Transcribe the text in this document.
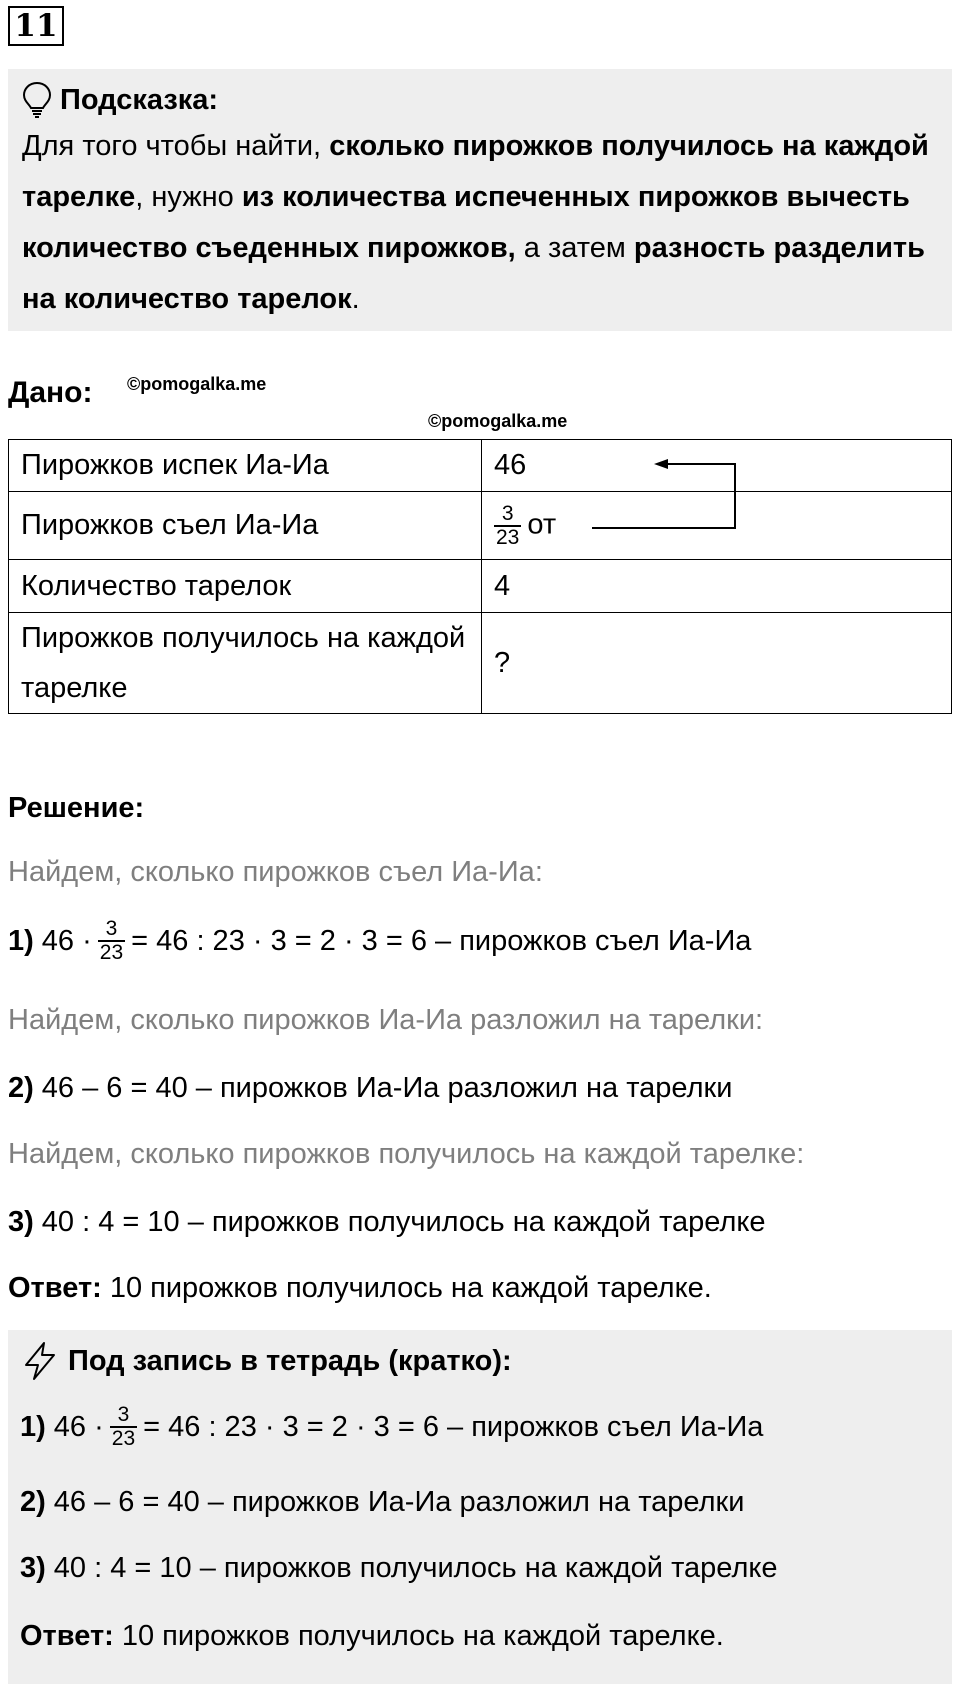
11
Подсказка:
Для того чтобы найти, сколько пирожков получилось на каждой тарелке, нужно из количества испеченных пирожков вычесть количество съеденных пирожков, а затем разность разделить на количество тарелок.
Дано: ©pomogalka.me
©pomogalka.me
Пирожков испек Иа-Иа	46
Пирожков съел Иа-Иа	$\frac{3}{23}$ от
Количество тарелок	4
Пирожков получилось на каждой тарелке	?
Решение:
Найдем, сколько пирожков съел Иа-Иа:
1) $46 \cdot \frac{3}{23} = 46$ : 23 · 3 = 2 · 3 = 6 – пирожков съел Иа-Иа
Найдем, сколько пирожков Иа-Иа разложил на тарелки:
2) 46 – 6 = 40 – пирожков Иа-Иа разложил на тарелки
Найдем, сколько пирожков получилось на каждой тарелке:
3) 40 : 4 = 10 – пирожков получилось на каждой тарелке
Ответ: 10 пирожков получилось на каждой тарелке.
Под запись в тетрадь (кратко):
1) $46 \cdot \frac{3}{23} = 46$ : 23 · 3 = 2 · 3 = 6 – пирожков съел Иа-Иа
2) 46 – 6 = 40 – пирожков Иа-Иа разложил на тарелки
3) 40 : 4 = 10 – пирожков получилось на каждой тарелке
Ответ: 10 пирожков получилось на каждой тарелке.
